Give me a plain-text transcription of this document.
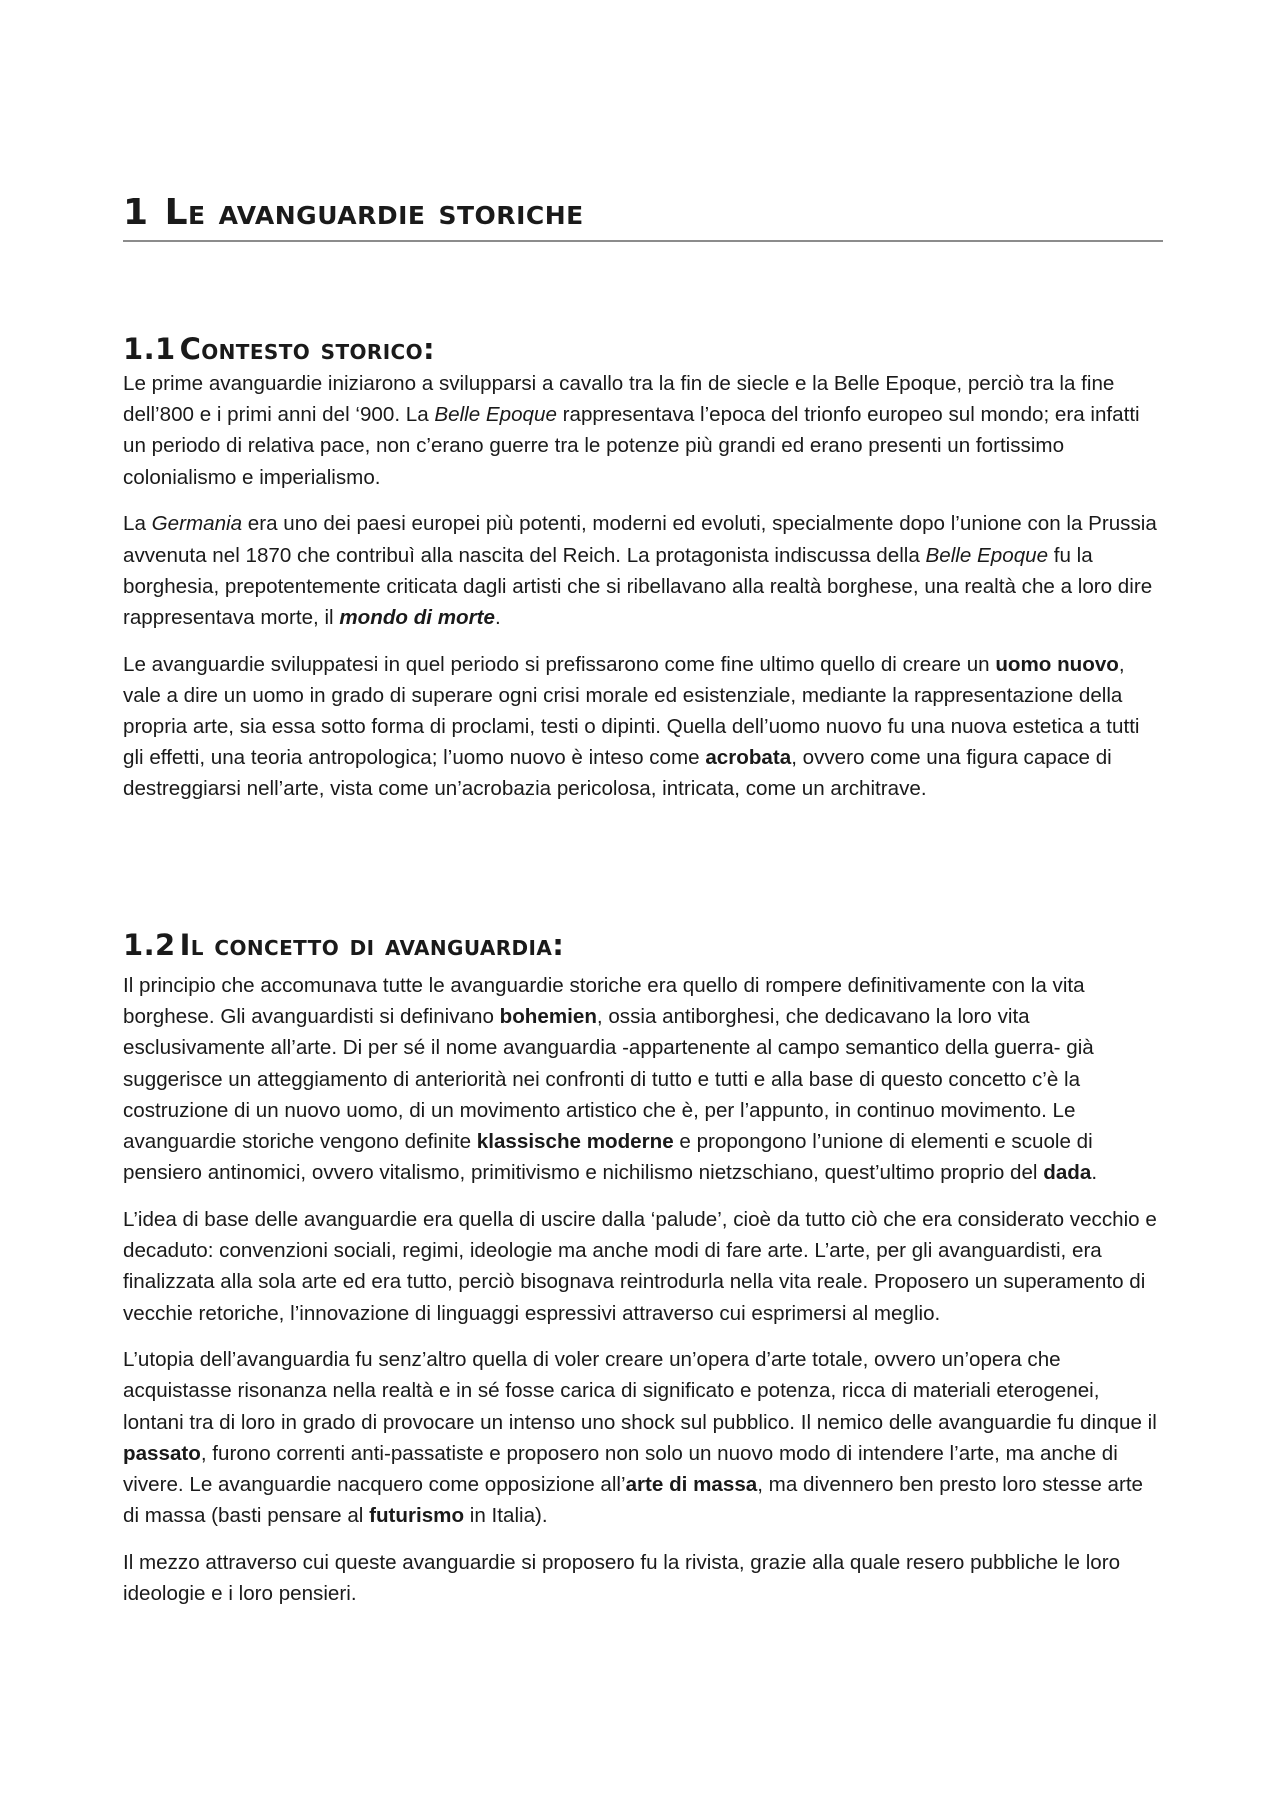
1 Le avanguardie storiche
1.1 Contesto storico:

Le prime avanguardie iniziarono a svilupparsi a cavallo tra la fin de siecle e la Belle Epoque, perciò tra la fine dell’800 e i primi anni del ‘900. La Belle Epoque rappresentava l’epoca del trionfo europeo sul mondo; era infatti un periodo di relativa pace, non c’erano guerre tra le potenze più grandi ed erano presenti un fortissimo colonialismo e imperialismo.

La Germania era uno dei paesi europei più potenti, moderni ed evoluti, specialmente dopo l’unione con la Prussia avvenuta nel 1870 che contribuì alla nascita del Reich. La protagonista indiscussa della Belle Epoque fu la borghesia, prepotentemente criticata dagli artisti che si ribellavano alla realtà borghese, una realtà che a loro dire rappresentava morte, il mondo di morte.

Le avanguardie sviluppatesi in quel periodo si prefissarono come fine ultimo quello di creare un uomo nuovo, vale a dire un uomo in grado di superare ogni crisi morale ed esistenziale, mediante la rappresentazione della propria arte, sia essa sotto forma di proclami, testi o dipinti. Quella dell’uomo nuovo fu una nuova estetica a tutti gli effetti, una teoria antropologica; l’uomo nuovo è inteso come acrobata, ovvero come una figura capace di destreggiarsi nell’arte, vista come un’acrobazia pericolosa, intricata, come un architrave.

1.2 Il concetto di avanguardia:

Il principio che accomunava tutte le avanguardie storiche era quello di rompere definitivamente con la vita borghese. Gli avanguardisti si definivano bohemien, ossia antiborghesi, che dedicavano la loro vita esclusivamente all’arte. Di per sé il nome avanguardia -appartenente al campo semantico della guerra- già suggerisce un atteggiamento di anteriorità nei confronti di tutto e tutti e alla base di questo concetto c’è la costruzione di un nuovo uomo, di un movimento artistico che è, per l’appunto, in continuo movimento. Le avanguardie storiche vengono definite klassische moderne e propongono l’unione di elementi e scuole di pensiero antinomici, ovvero vitalismo, primitivismo e nichilismo nietzschiano, quest’ultimo proprio del dada.

L’idea di base delle avanguardie era quella di uscire dalla ‘palude’, cioè da tutto ciò che era considerato vecchio e decaduto: convenzioni sociali, regimi, ideologie ma anche modi di fare arte. L’arte, per gli avanguardisti, era finalizzata alla sola arte ed era tutto, perciò bisognava reintrodurla nella vita reale. Proposero un superamento di vecchie retoriche, l’innovazione di linguaggi espressivi attraverso cui esprimersi al meglio.

L’utopia dell’avanguardia fu senz’altro quella di voler creare un’opera d’arte totale, ovvero un’opera che acquistasse risonanza nella realtà e in sé fosse carica di significato e potenza, ricca di materiali eterogenei, lontani tra di loro in grado di provocare un intenso uno shock sul pubblico. Il nemico delle avanguardie fu dinque il passato, furono correnti anti-passatiste e proposero non solo un nuovo modo di intendere l’arte, ma anche di vivere. Le avanguardie nacquero come opposizione all’arte di massa, ma divennero ben presto loro stesse arte di massa (basti pensare al futurismo in Italia).

Il mezzo attraverso cui queste avanguardie si proposero fu la rivista, grazie alla quale resero pubbliche le loro ideologie e i loro pensieri.
